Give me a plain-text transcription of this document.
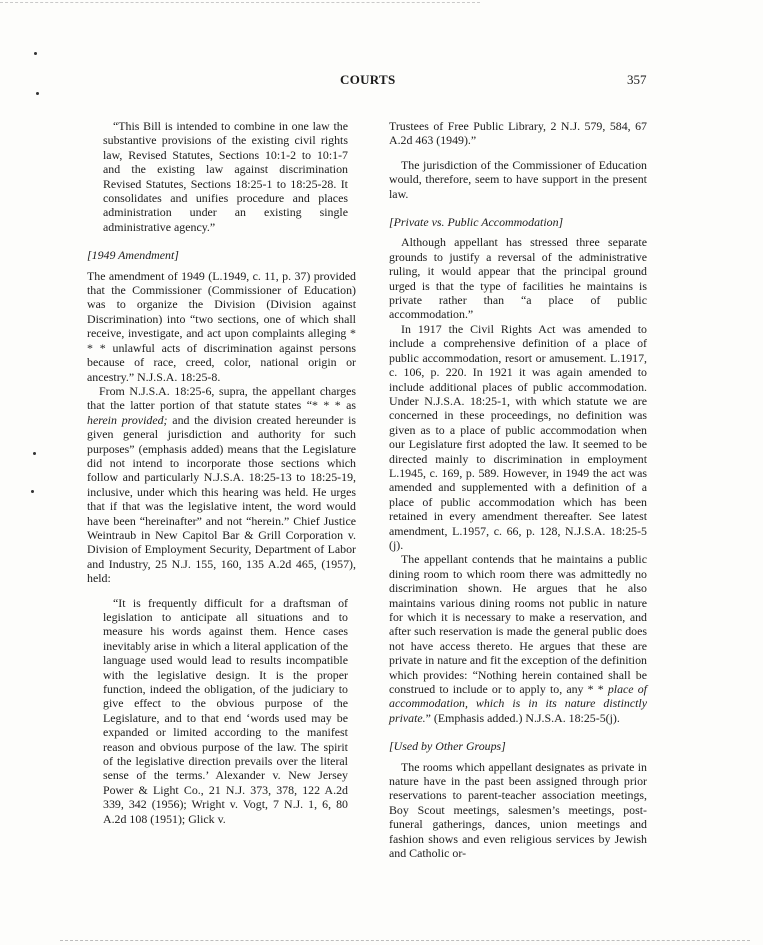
COURTS	357

“This Bill is intended to combine in one law the substantive provisions of the existing civil rights law, Revised Statutes, Sections 10:1-2 to 10:1-7 and the existing law against discrimination Revised Statutes, Sections 18:25-1 to 18:25-28. It consolidates and unifies procedure and places administration under an existing single administrative agency.”

[1949 Amendment]

The amendment of 1949 (L.1949, c. 11, p. 37) provided that the Commissioner (Commissioner of Education) was to organize the Division (Division against Discrimination) into “two sections, one of which shall receive, investigate, and act upon complaints alleging * * * unlawful acts of discrimination against persons because of race, creed, color, national origin or ancestry.” N.J.S.A. 18:25-8.

From N.J.S.A. 18:25-6, supra, the appellant charges that the latter portion of that statute states “* * * as herein provided; and the division created hereunder is given general jurisdiction and authority for such purposes” (emphasis added) means that the Legislature did not intend to incorporate those sections which follow and particularly N.J.S.A. 18:25-13 to 18:25-19, inclusive, under which this hearing was held. He urges that if that was the legislative intent, the word would have been “hereinafter” and not “herein.” Chief Justice Weintraub in New Capitol Bar & Grill Corporation v. Division of Employment Security, Department of Labor and Industry, 25 N.J. 155, 160, 135 A.2d 465, (1957), held:

“It is frequently difficult for a draftsman of legislation to anticipate all situations and to measure his words against them. Hence cases inevitably arise in which a literal application of the language used would lead to results incompatible with the legislative design. It is the proper function, indeed the obligation, of the judiciary to give effect to the obvious purpose of the Legislature, and to that end ‘words used may be expanded or limited according to the manifest reason and obvious purpose of the law. The spirit of the legislative direction prevails over the literal sense of the terms.’ Alexander v. New Jersey Power & Light Co., 21 N.J. 373, 378, 122 A.2d 339, 342 (1956); Wright v. Vogt, 7 N.J. 1, 6, 80 A.2d 108 (1951); Glick v.

Trustees of Free Public Library, 2 N.J. 579, 584, 67 A.2d 463 (1949).”

The jurisdiction of the Commissioner of Education would, therefore, seem to have support in the present law.

[Private vs. Public Accommodation]

Although appellant has stressed three separate grounds to justify a reversal of the administrative ruling, it would appear that the principal ground urged is that the type of facilities he maintains is private rather than “a place of public accommodation.”

In 1917 the Civil Rights Act was amended to include a comprehensive definition of a place of public accommodation, resort or amusement. L.1917, c. 106, p. 220. In 1921 it was again amended to include additional places of public accommodation. Under N.J.S.A. 18:25-1, with which statute we are concerned in these proceedings, no definition was given as to a place of public accommodation when our Legislature first adopted the law. It seemed to be directed mainly to discrimination in employment L.1945, c. 169, p. 589. However, in 1949 the act was amended and supplemented with a definition of a place of public accommodation which has been retained in every amendment thereafter. See latest amendment, L.1957, c. 66, p. 128, N.J.S.A. 18:25-5 (j).

The appellant contends that he maintains a public dining room to which room there was admittedly no discrimination shown. He argues that he also maintains various dining rooms not public in nature for which it is necessary to make a reservation, and after such reservation is made the general public does not have access thereto. He argues that these are private in nature and fit the exception of the definition which provides: “Nothing herein contained shall be construed to include or to apply to, any * * place of accommodation, which is in its nature distinctly private.” (Emphasis added.) N.J.S.A. 18:25-5(j).

[Used by Other Groups]

The rooms which appellant designates as private in nature have in the past been assigned through prior reservations to parent-teacher association meetings, Boy Scout meetings, salesmen’s meetings, post-funeral gatherings, dances, union meetings and fashion shows and even religious services by Jewish and Catholic or-
